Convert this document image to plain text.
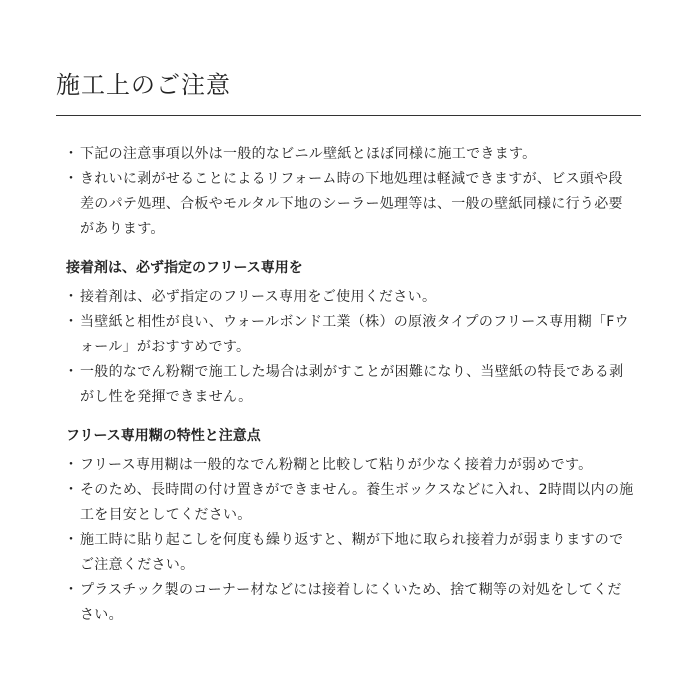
施工上のご注意
・ 下記の注意事項以外は一般的なビニル壁紙とほぼ同様に施工できます。
・ きれいに剥がせることによるリフォーム時の下地処理は軽減できますが、ビス頭や段差のパテ処理、合板やモルタル下地のシーラー処理等は、一般の壁紙同様に行う必要があります。
接着剤は、必ず指定のフリース専用を
・ 接着剤は、必ず指定のフリース専用をご使用ください。
・ 当壁紙と相性が良い、ウォールボンド工業（株）の原液タイプのフリース専用糊「Fウォール」がおすすめです。
・ 一般的なでん粉糊で施工した場合は剥がすことが困難になり、当壁紙の特長である剥がし性を発揮できません。
フリース専用糊の特性と注意点
・ フリース専用糊は一般的なでん粉糊と比較して粘りが少なく接着力が弱めです。
・ そのため、長時間の付け置きができません。養生ボックスなどに入れ、2時間以内の施工を目安としてください。
・ 施工時に貼り起こしを何度も繰り返すと、糊が下地に取られ接着力が弱まりますのでご注意ください。
・ プラスチック製のコーナー材などには接着しにくいため、捨て糊等の対処をしてください。
